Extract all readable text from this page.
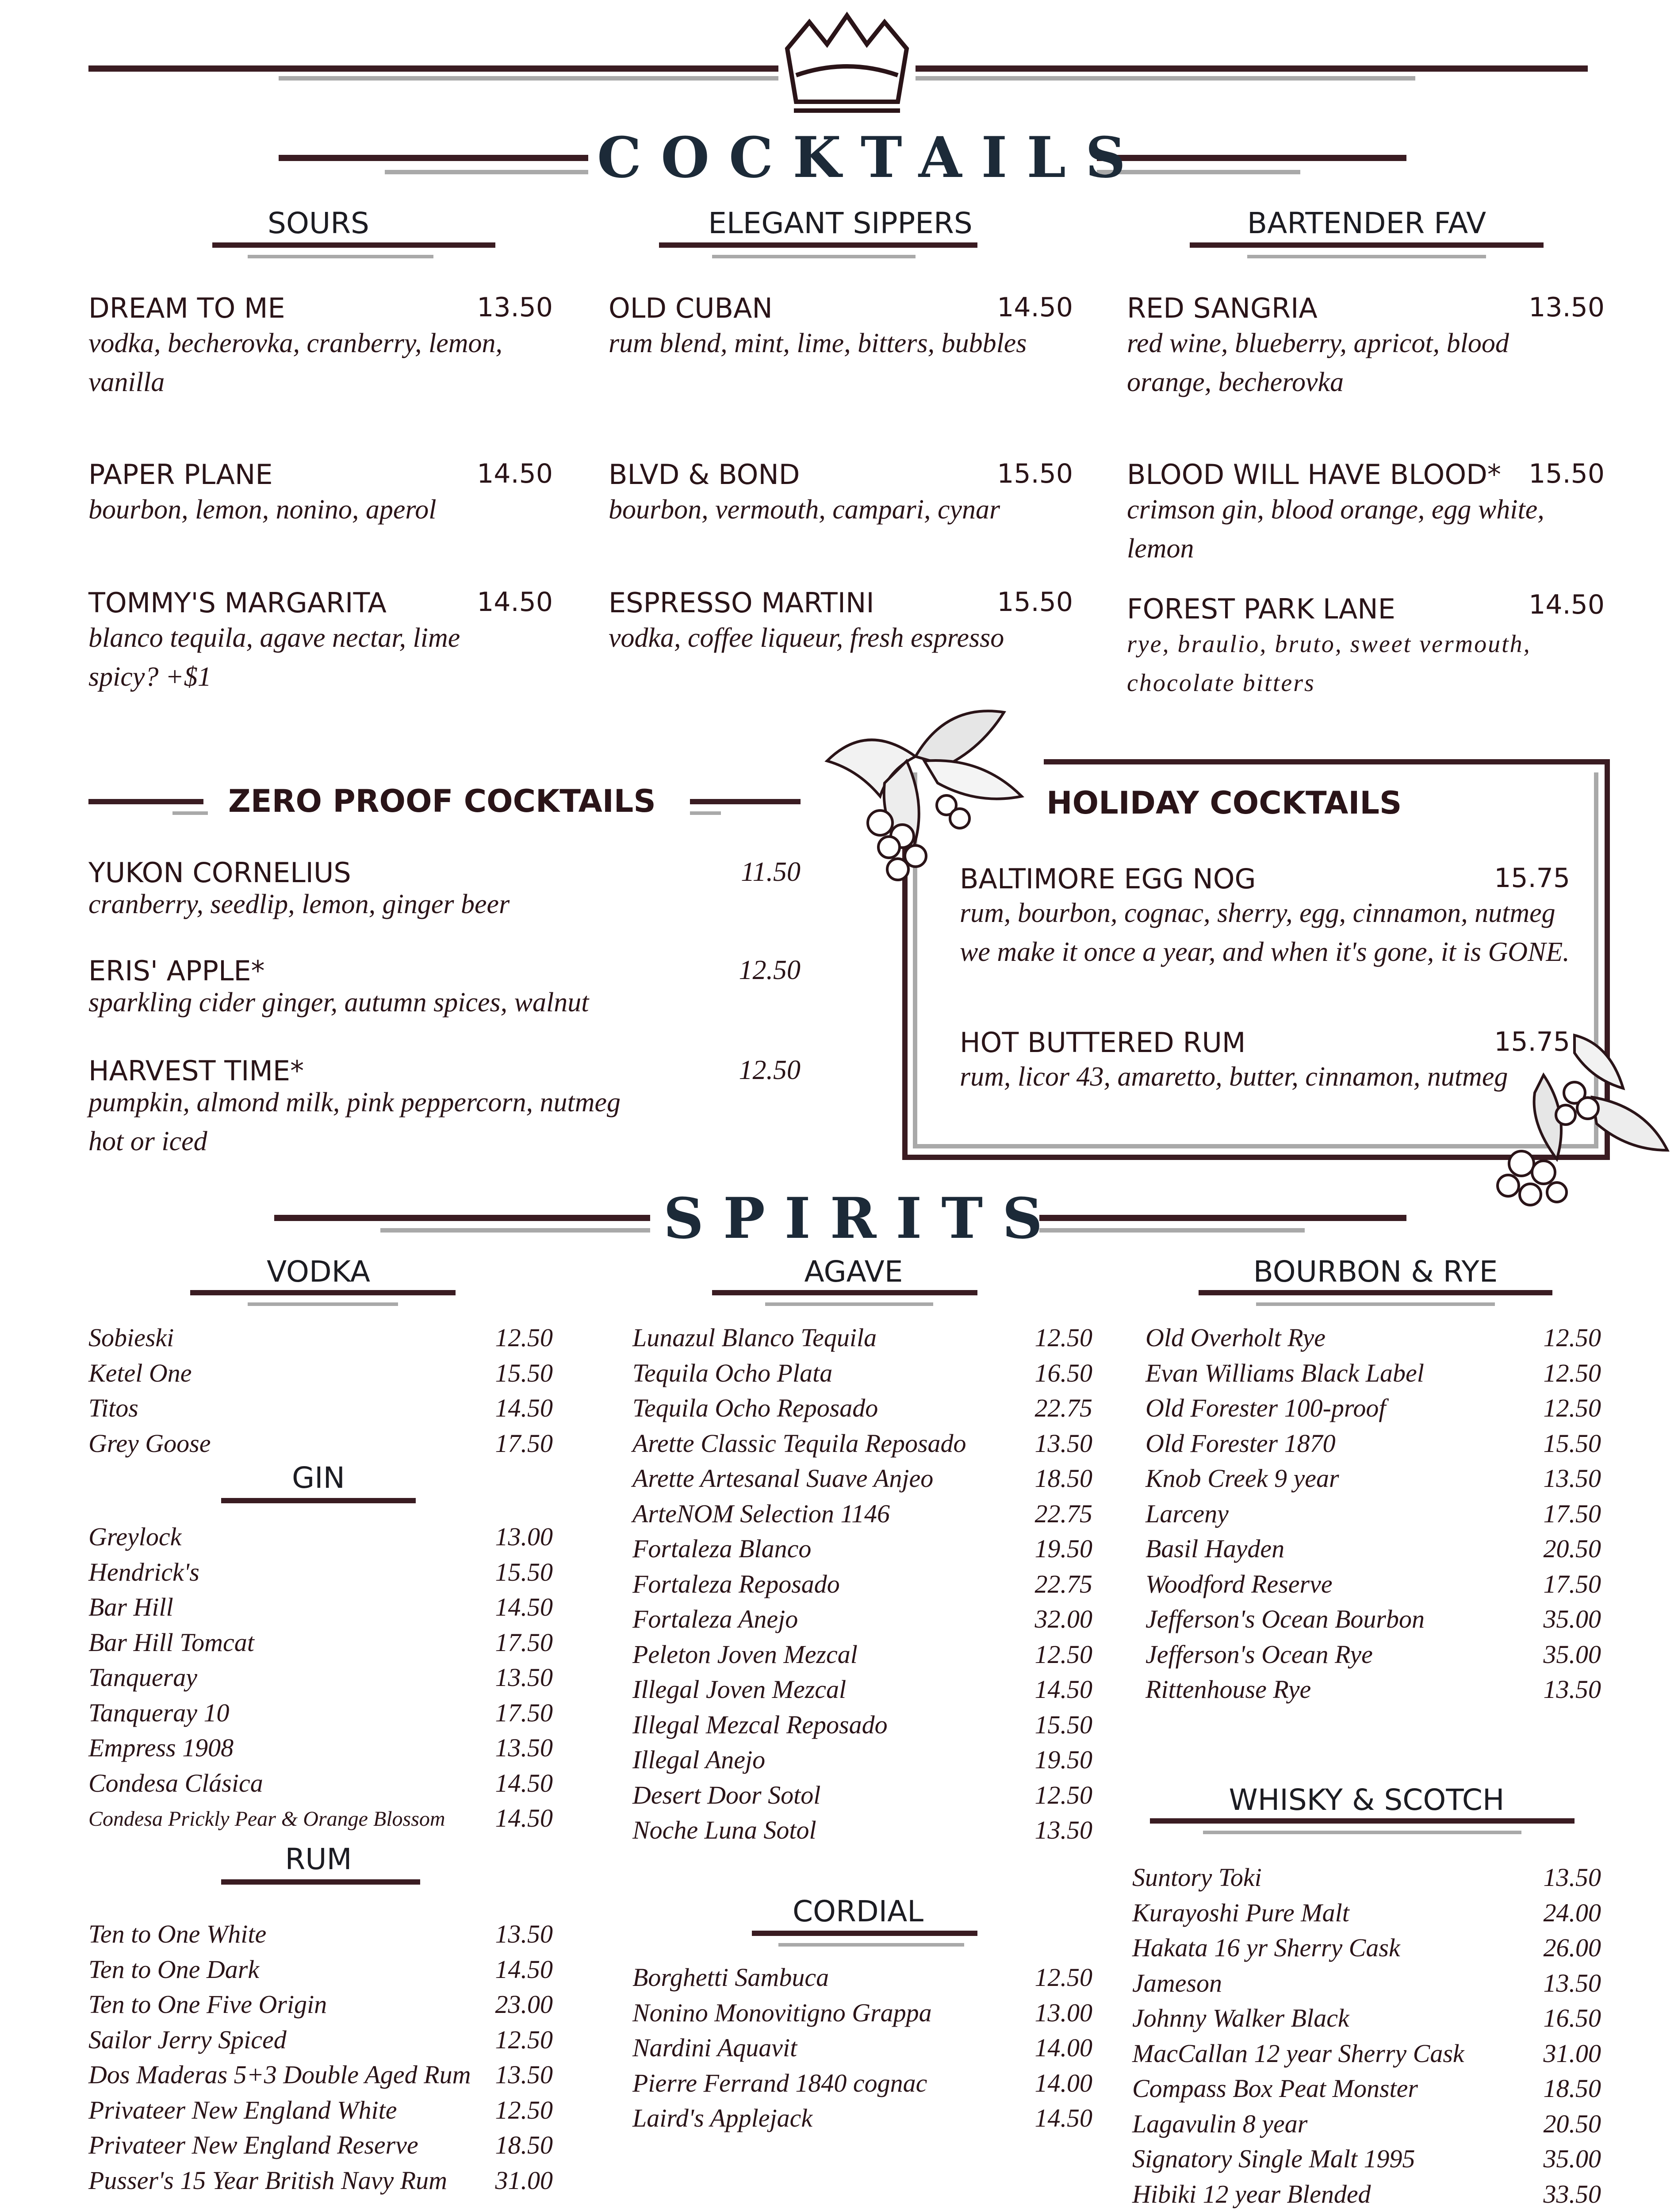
COCKTAILS
SOURS	ELEGANT SIPPERS	BARTENDER FAV
DREAM TO ME	13.50
vodka, becherovka, cranberry, lemon, vanilla
PAPER PLANE	14.50
bourbon, lemon, nonino, aperol
TOMMY'S MARGARITA	14.50
blanco tequila, agave nectar, lime
spicy? +$1
OLD CUBAN	14.50
rum blend, mint, lime, bitters, bubbles
BLVD & BOND	15.50
bourbon, vermouth, campari, cynar
ESPRESSO MARTINI	15.50
vodka, coffee liqueur, fresh espresso
RED SANGRIA	13.50
red wine, blueberry, apricot, blood orange, becherovka
BLOOD WILL HAVE BLOOD* 15.50
crimson gin, blood orange, egg white, lemon
FOREST PARK LANE	14.50
rye, braulio, bruto, sweet vermouth, chocolate bitters
ZERO PROOF COCKTAILS
YUKON CORNELIUS	11.50
cranberry, seedlip, lemon, ginger beer
ERIS' APPLE*	12.50
sparkling cider ginger, autumn spices, walnut
HARVEST TIME*	12.50
pumpkin, almond milk, pink peppercorn, nutmeg
hot or iced
HOLIDAY COCKTAILS
BALTIMORE EGG NOG	15.75
rum, bourbon, cognac, sherry, egg, cinnamon, nutmeg
we make it once a year, and when it's gone, it is GONE.
HOT BUTTERED RUM	15.75
rum, licor 43, amaretto, butter, cinnamon, nutmeg
SPIRITS
VODKA	AGAVE	BOURBON & RYE
Sobieski	12.50
Ketel One	15.50
Titos	14.50
Grey Goose	17.50
GIN
Greylock	13.00
Hendrick's	15.50
Bar Hill	14.50
Bar Hill Tomcat	17.50
Tanqueray	13.50
Tanqueray 10	17.50
Empress 1908	13.50
Condesa Clásica	14.50
Condesa Prickly Pear & Orange Blossom 14.50
RUM
Ten to One White	13.50
Ten to One Dark	14.50
Ten to One Five Origin	23.00
Sailor Jerry Spiced	12.50
Dos Maderas 5+3 Double Aged Rum 13.50
Privateer New England White	12.50
Privateer New England Reserve	18.50
Pusser's 15 Year British Navy Rum 31.00
Lunazul Blanco Tequila	12.50
Tequila Ocho Plata	16.50
Tequila Ocho Reposado	22.75
Arette Classic Tequila Reposado	13.50
Arette Artesanal Suave Anjeo	18.50
ArteNOM Selection 1146	22.75
Fortaleza Blanco	19.50
Fortaleza Reposado	22.75
Fortaleza Anejo	32.00
Peleton Joven Mezcal	12.50
Illegal Joven Mezcal	14.50
Illegal Mezcal Reposado	15.50
Illegal Anejo	19.50
Desert Door Sotol	12.50
Noche Luna Sotol	13.50
CORDIAL
Borghetti Sambuca	12.50
Nonino Monovitigno Grappa	13.00
Nardini Aquavit	14.00
Pierre Ferrand 1840 cognac	14.00
Laird's Applejack	14.50
Old Overholt Rye	12.50
Evan Williams Black Label	12.50
Old Forester 100-proof	12.50
Old Forester 1870	15.50
Knob Creek 9 year	13.50
Larceny	17.50
Basil Hayden	20.50
Woodford Reserve	17.50
Jefferson's Ocean Bourbon	35.00
Jefferson's Ocean Rye	35.00
Rittenhouse Rye	13.50
WHISKY & SCOTCH
Suntory Toki	13.50
Kurayoshi Pure Malt	24.00
Hakata 16 yr Sherry Cask	26.00
Jameson	13.50
Johnny Walker Black	16.50
MacCallan 12 year Sherry Cask	31.00
Compass Box Peat Monster	18.50
Lagavulin 8 year	20.50
Signatory Single Malt 1995	35.00
Hibiki 12 year Blended	33.50
